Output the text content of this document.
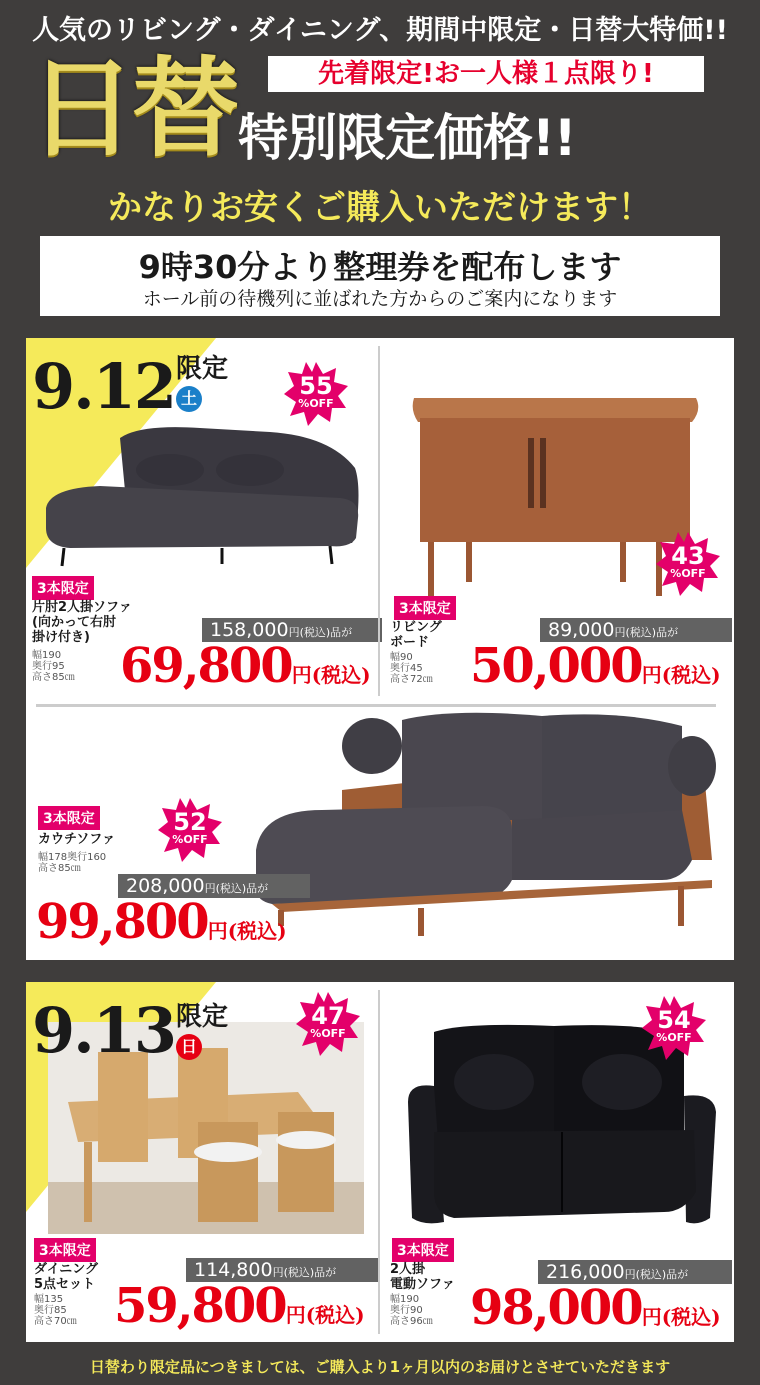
人気のリビング・ダイニング、期間中限定・日替大特価!!
先着限定!お一人様１点限り!
日替 特別限定価格!!
かなりお安くご購入いただけます！
9時30分より整理券を配布します
ホール前の待機列に並ばれた方からのご案内になります
9.12 限定
土	55
%OFF
3本限定
片肘2人掛ソファ
(向かって右肘
掛け付き)
幅190
奥行95
高さ85㎝
158,000円(税込)品が
69,800円(税込)
43
%OFF
3本限定
リビング
ボード
幅90
奥行45
高さ72㎝
89,000円(税込)品が
50,000円(税込)
52
%OFF
3本限定
カウチソファ
幅178奥行160
高さ85㎝
208,000円(税込)品が
99,800円(税込)
9.13 限定
日
47
%OFF
3本限定
ダイニング
5点セット
幅135
奥行85
高さ70㎝
114,800円(税込)品が
59,800円(税込)
54
%OFF
3本限定
2人掛
電動ソファ
幅190
奥行90
高さ96㎝
216,000円(税込)品が
98,000円(税込)
日替わり限定品につきましては、ご購入より1ヶ月以内のお届けとさせていただきます
